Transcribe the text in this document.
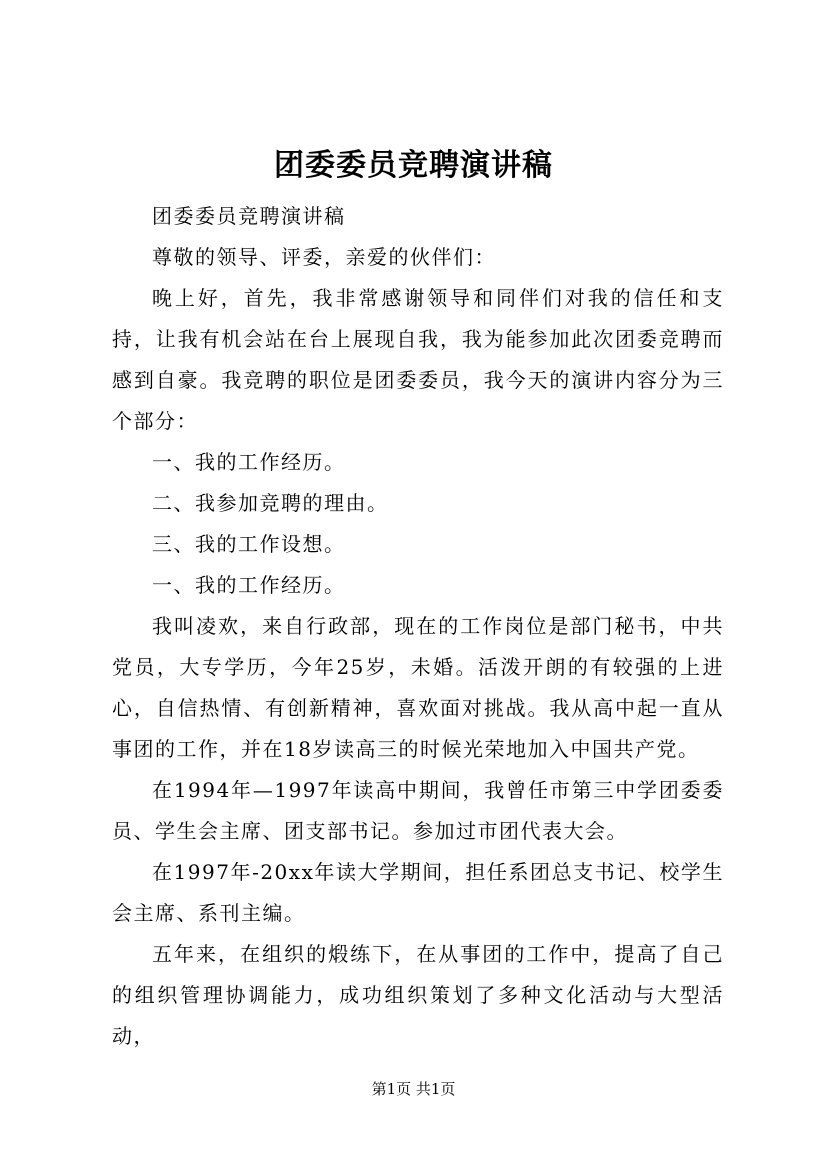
团委委员竞聘演讲稿

团委委员竞聘演讲稿

尊敬的领导、评委，亲爱的伙伴们：

晚上好，首先，我非常感谢领导和同伴们对我的信任和支持，让我有机会站在台上展现自我，我为能参加此次团委竞聘而感到自豪。我竞聘的职位是团委委员，我今天的演讲内容分为三个部分：

一、我的工作经历。

二、我参加竞聘的理由。

三、我的工作设想。

一、我的工作经历。

我叫凌欢，来自行政部，现在的工作岗位是部门秘书，中共党员，大专学历，今年25岁，未婚。活泼开朗的有较强的上进心，自信热情、有创新精神，喜欢面对挑战。我从高中起一直从事团的工作，并在18岁读高三的时候光荣地加入中国共产党。

在1994年—1997年读高中期间，我曾任市第三中学团委委员、学生会主席、团支部书记。参加过市团代表大会。

在1997年-20xx年读大学期间，担任系团总支书记、校学生会主席、系刊主编。

五年来，在组织的煅练下，在从事团的工作中，提高了自己的组织管理协调能力，成功组织策划了多种文化活动与大型活动，

第1页 共1页
